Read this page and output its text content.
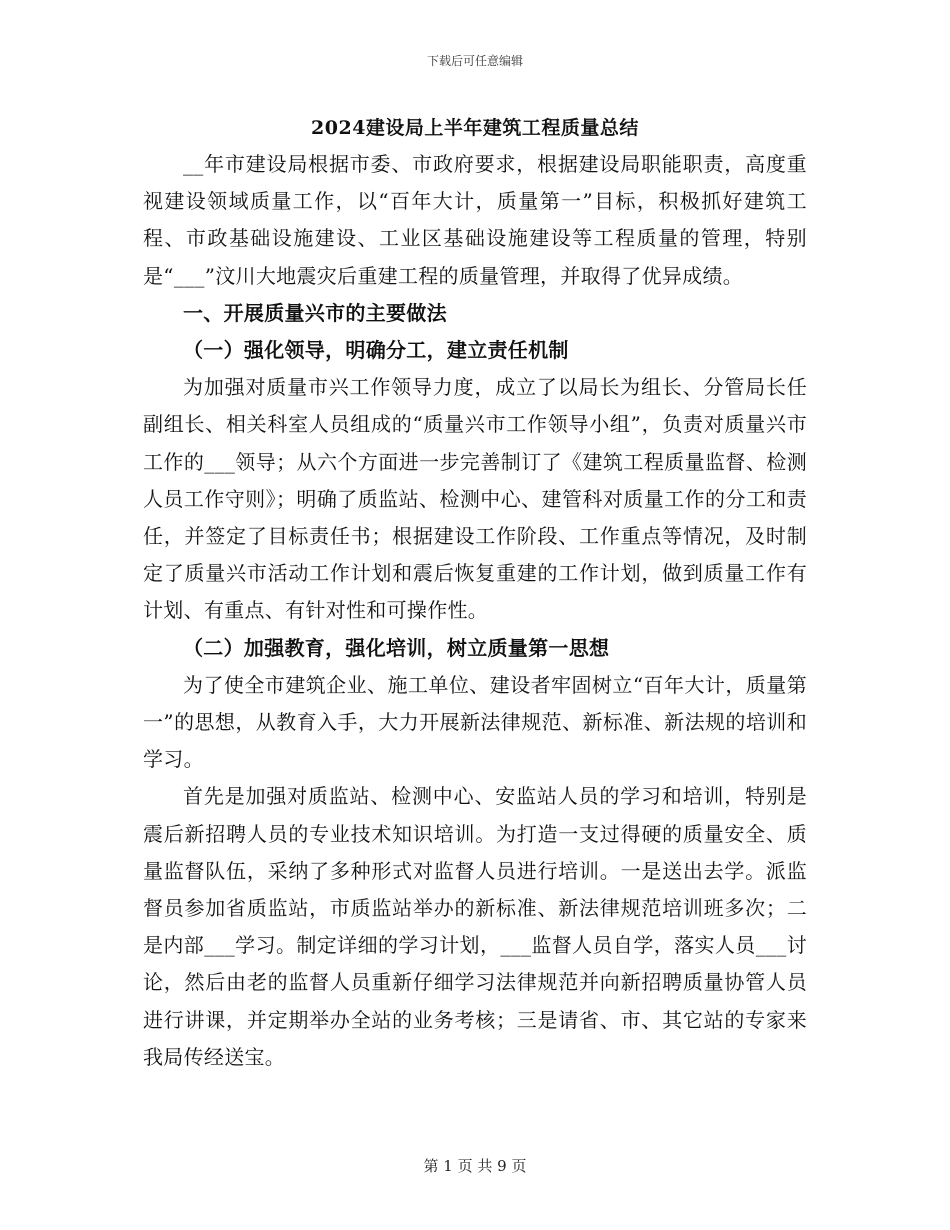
下载后可任意编辑
2024建设局上半年建筑工程质量总结

__年市建设局根据市委、市政府要求，根据建设局职能职责，高度重视建设领域质量工作，以“百年大计，质量第一”目标，积极抓好建筑工程、市政基础设施建设、工业区基础设施建设等工程质量的管理，特别是“___”汶川大地震灾后重建工程的质量管理，并取得了优异成绩。

一、开展质量兴市的主要做法

（一）强化领导，明确分工，建立责任机制

为加强对质量市兴工作领导力度，成立了以局长为组长、分管局长任副组长、相关科室人员组成的“质量兴市工作领导小组”，负责对质量兴市工作的___领导；从六个方面进一步完善制订了《建筑工程质量监督、检测人员工作守则》；明确了质监站、检测中心、建管科对质量工作的分工和责任，并签定了目标责任书；根据建设工作阶段、工作重点等情况，及时制定了质量兴市活动工作计划和震后恢复重建的工作计划，做到质量工作有计划、有重点、有针对性和可操作性。

（二）加强教育，强化培训，树立质量第一思想

为了使全市建筑企业、施工单位、建设者牢固树立“百年大计，质量第一”的思想，从教育入手，大力开展新法律规范、新标准、新法规的培训和学习。

首先是加强对质监站、检测中心、安监站人员的学习和培训，特别是震后新招聘人员的专业技术知识培训。为打造一支过得硬的质量安全、质量监督队伍，采纳了多种形式对监督人员进行培训。一是送出去学。派监督员参加省质监站，市质监站举办的新标准、新法律规范培训班多次；二是内部___学习。制定详细的学习计划，___监督人员自学，落实人员___讨论，然后由老的监督人员重新仔细学习法律规范并向新招聘质量协管人员进行讲课，并定期举办全站的业务考核；三是请省、市、其它站的专家来我局传经送宝。

第 1 页 共 9 页
